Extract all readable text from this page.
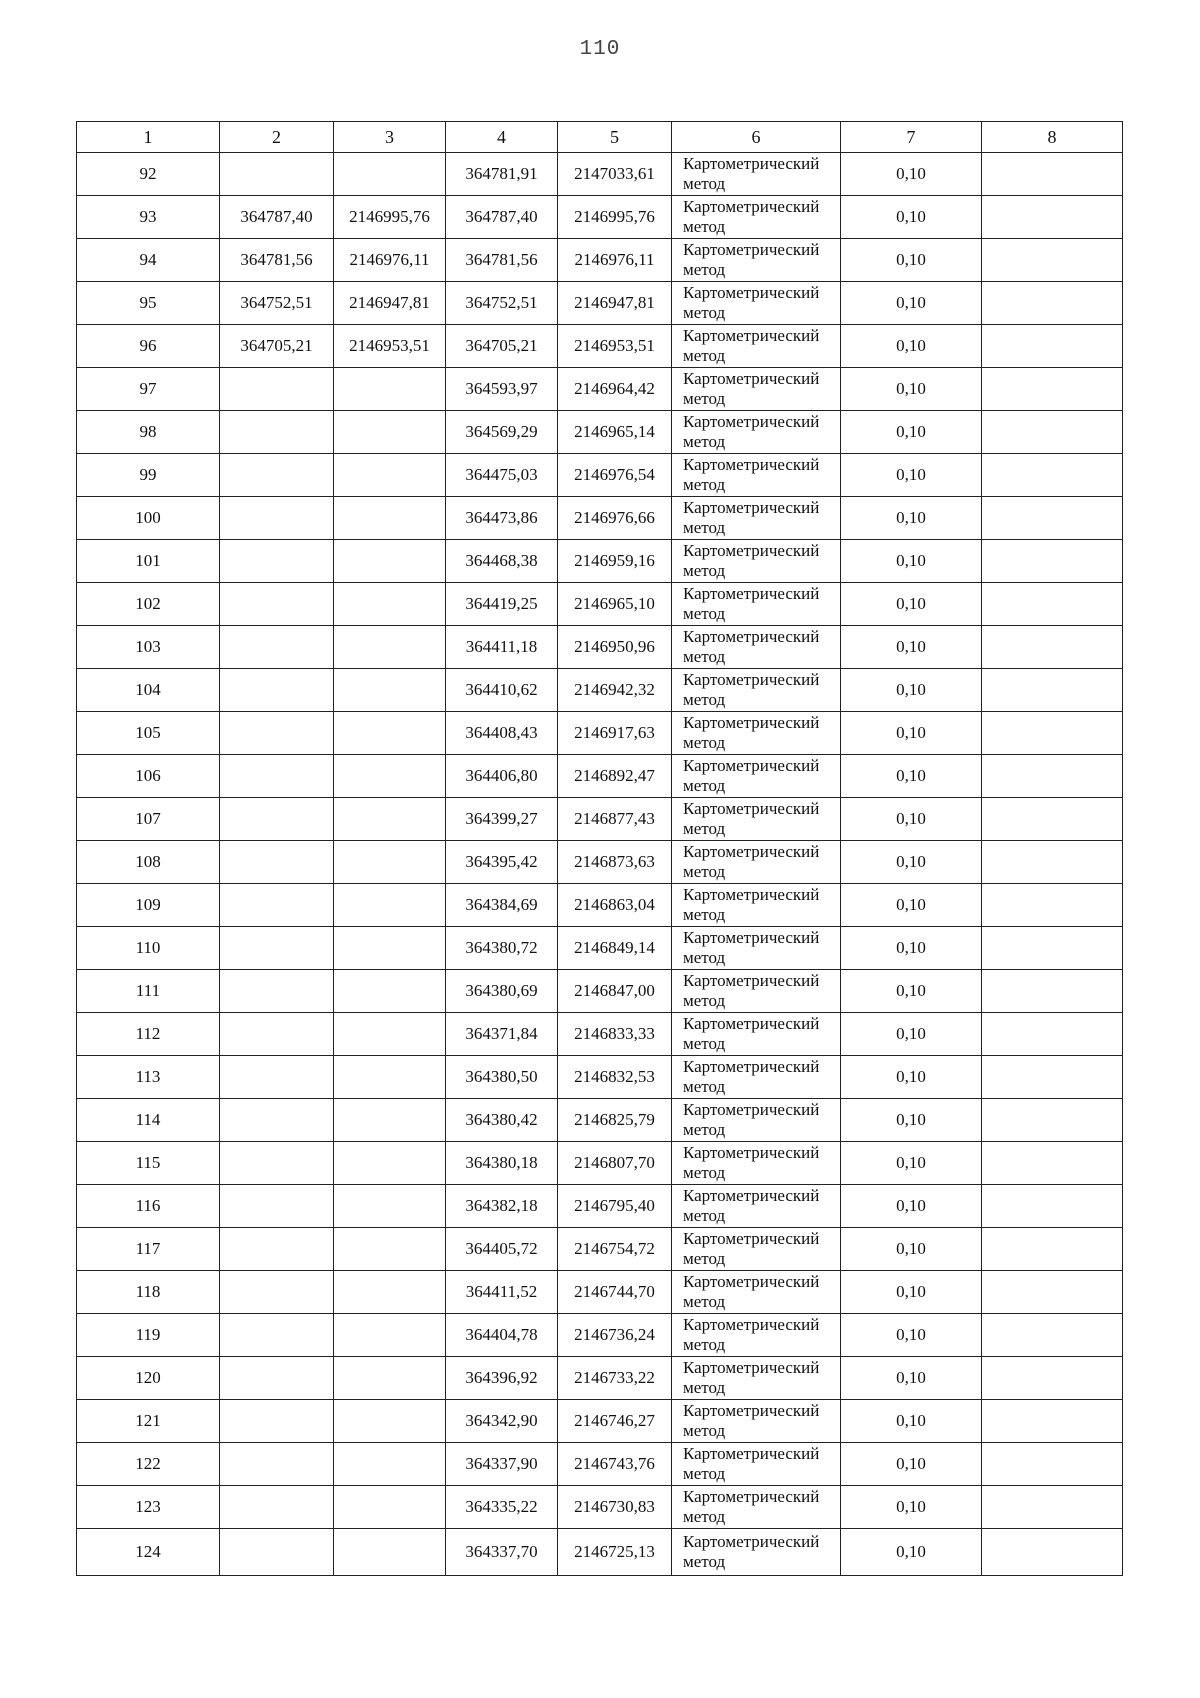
110
1	2	3	4	5	6	7	8
92			364781,91	2147033,61	Картометрический метод	0,10	
93	364787,40	2146995,76	364787,40	2146995,76	Картометрический метод	0,10	
94	364781,56	2146976,11	364781,56	2146976,11	Картометрический метод	0,10	
95	364752,51	2146947,81	364752,51	2146947,81	Картометрический метод	0,10	
96	364705,21	2146953,51	364705,21	2146953,51	Картометрический метод	0,10	
97			364593,97	2146964,42	Картометрический метод	0,10	
98			364569,29	2146965,14	Картометрический метод	0,10	
99			364475,03	2146976,54	Картометрический метод	0,10	
100			364473,86	2146976,66	Картометрический метод	0,10	
101			364468,38	2146959,16	Картометрический метод	0,10	
102			364419,25	2146965,10	Картометрический метод	0,10	
103			364411,18	2146950,96	Картометрический метод	0,10	
104			364410,62	2146942,32	Картометрический метод	0,10	
105			364408,43	2146917,63	Картометрический метод	0,10	
106			364406,80	2146892,47	Картометрический метод	0,10	
107			364399,27	2146877,43	Картометрический метод	0,10	
108			364395,42	2146873,63	Картометрический метод	0,10	
109			364384,69	2146863,04	Картометрический метод	0,10	
110			364380,72	2146849,14	Картометрический метод	0,10	
111			364380,69	2146847,00	Картометрический метод	0,10	
112			364371,84	2146833,33	Картометрический метод	0,10	
113			364380,50	2146832,53	Картометрический метод	0,10	
114			364380,42	2146825,79	Картометрический метод	0,10	
115			364380,18	2146807,70	Картометрический метод	0,10	
116			364382,18	2146795,40	Картометрический метод	0,10	
117			364405,72	2146754,72	Картометрический метод	0,10	
118			364411,52	2146744,70	Картометрический метод	0,10	
119			364404,78	2146736,24	Картометрический метод	0,10	
120			364396,92	2146733,22	Картометрический метод	0,10	
121			364342,90	2146746,27	Картометрический метод	0,10	
122			364337,90	2146743,76	Картометрический метод	0,10	
123			364335,22	2146730,83	Картометрический метод	0,10	
124			364337,70	2146725,13	Картометрический метод	0,10	
